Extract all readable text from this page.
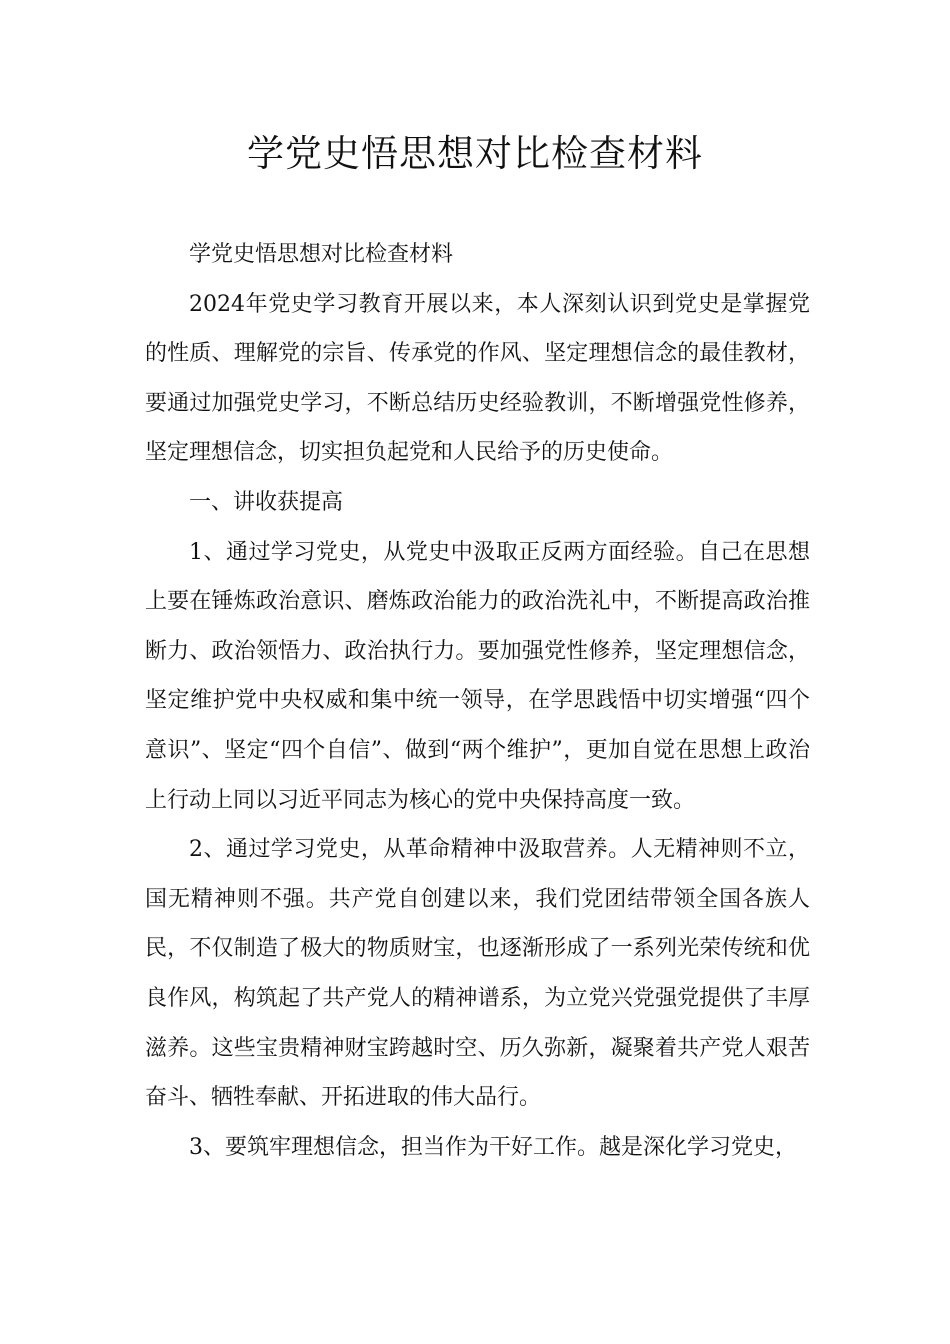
学党史悟思想对比检查材料

学党史悟思想对比检查材料

2024年党史学习教育开展以来，本人深刻认识到党史是掌握党的性质、理解党的宗旨、传承党的作风、坚定理想信念的最佳教材，要通过加强党史学习，不断总结历史经验教训，不断增强党性修养，坚定理想信念，切实担负起党和人民给予的历史使命。

一、讲收获提高

1、通过学习党史，从党史中汲取正反两方面经验。自己在思想上要在锤炼政治意识、磨炼政治能力的政治洗礼中，不断提高政治推断力、政治领悟力、政治执行力。要加强党性修养，坚定理想信念，坚定维护党中央权威和集中统一领导，在学思践悟中切实增强“四个意识”、坚定“四个自信”、做到“两个维护”，更加自觉在思想上政治上行动上同以习近平同志为核心的党中央保持高度一致。

2、通过学习党史，从革命精神中汲取营养。人无精神则不立，国无精神则不强。共产党自创建以来，我们党团结带领全国各族人民，不仅制造了极大的物质财宝，也逐渐形成了一系列光荣传统和优良作风，构筑起了共产党人的精神谱系，为立党兴党强党提供了丰厚滋养。这些宝贵精神财宝跨越时空、历久弥新，凝聚着共产党人艰苦奋斗、牺牲奉献、开拓进取的伟大品行。

3、要筑牢理想信念，担当作为干好工作。越是深化学习党史，
